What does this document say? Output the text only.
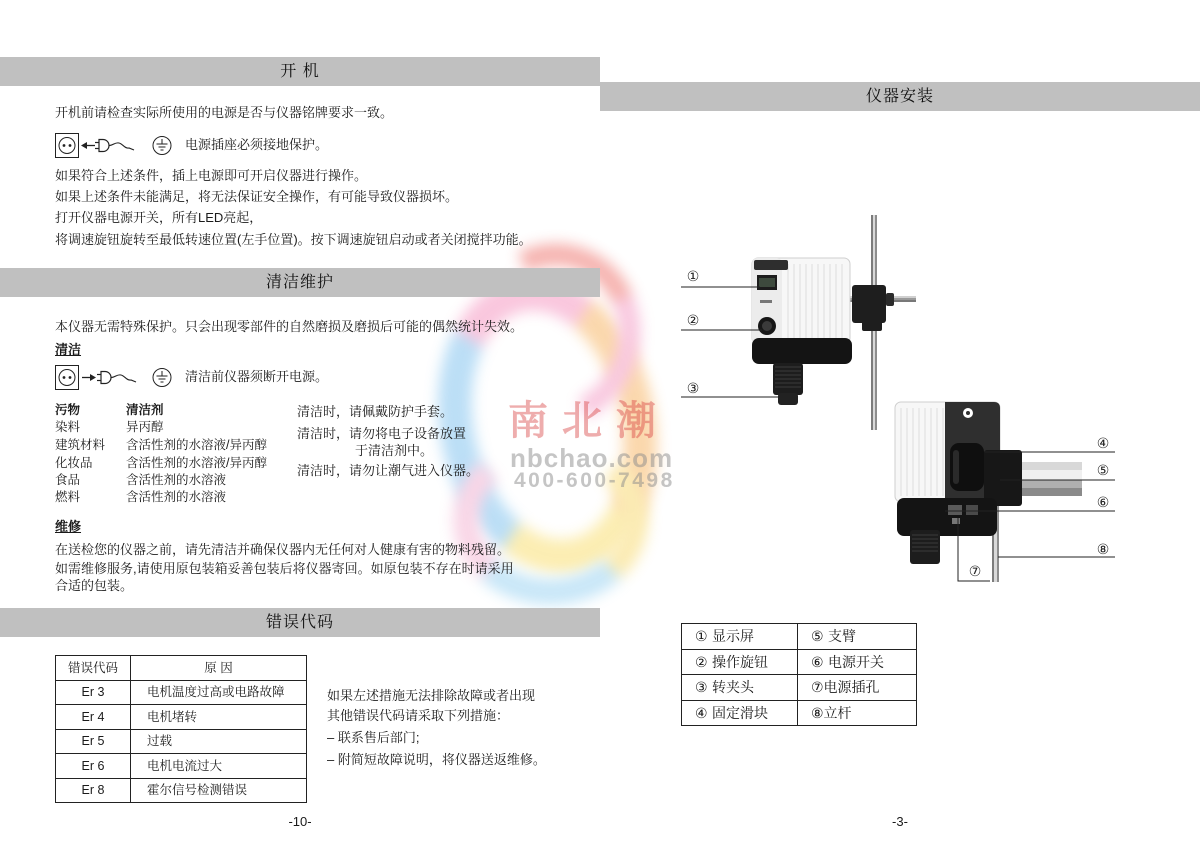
南北潮
nbchao.com
400-600-7498
开 机
开机前请检查实际所使用的电源是否与仪器铭牌要求一致。
电源插座必须接地保护。
如果符合上述条件，插上电源即可开启仪器进行操作。
如果上述条件未能满足，将无法保证安全操作，有可能导致仪器损坏。
打开仪器电源开关，所有LED亮起，
将调速旋钮旋转至最低转速位置(左手位置)。按下调速旋钮启动或者关闭搅拌功能。
清洁维护
本仪器无需特殊保护。只会出现零部件的自然磨损及磨损后可能的偶然统计失效。
清洁
清洁前仪器须断开电源。
污物	清洁剂
染料	异丙醇
建筑材料 含活性剂的水溶液/异丙醇
化妆品	含活性剂的水溶液/异丙醇
食品	含活性剂的水溶液
燃料	含活性剂的水溶液
清洁时，请佩戴防护手套。
清洁时，请勿将电子设备放置
于清洁剂中。
清洁时，请勿让潮气进入仪器。
维修
在送检您的仪器之前，请先清洁并确保仪器内无任何对人健康有害的物料残留。
如需维修服务,请使用原包装箱妥善包装后将仪器寄回。如原包装不存在时请采用
合适的包装。
错误代码
错误代码	原 因
Er 3	电机温度过高或电路故障
Er 4	电机堵转
Er 5	过载
Er 6	电机电流过大
Er 8	霍尔信号检测错误
如果左述措施无法排除故障或者出现
其他错误代码请采取下列措施：
– 联系售后部门;
– 附简短故障说明，将仪器送返维修。
-10-
仪器安装
①
②
③
④
⑤
⑥
⑦
⑧
① 显示屏	⑤ 支臂
② 操作旋钮	⑥ 电源开关
③ 转夹头	⑦电源插孔
④ 固定滑块	⑧立杆
-3-
